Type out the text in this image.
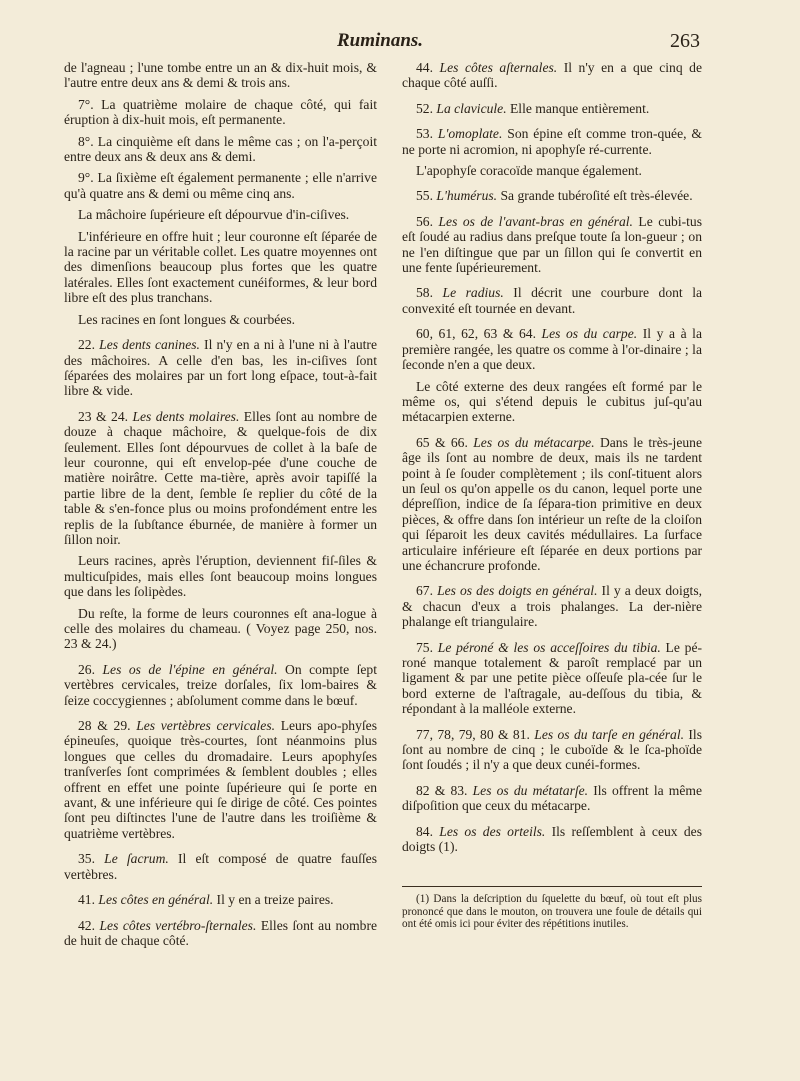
Ruminans.	263

de l'agneau ; l'une tombe entre un an & dix-huit mois, & l'autre entre deux ans & demi & trois ans.

7°. La quatrième molaire de chaque côté, qui fait éruption à dix-huit mois, eſt permanente.

8°. La cinquième eſt dans le même cas ; on l'a-perçoit entre deux ans & deux ans & demi.

9°. La ſixième eſt également permanente ; elle n'arrive qu'à quatre ans & demi ou même cinq ans.

La mâchoire ſupérieure eſt dépourvue d'in-ciſives.

L'inférieure en offre huit ; leur couronne eſt ſéparée de la racine par un véritable collet. Les quatre moyennes ont des dimenſions beaucoup plus fortes que les quatre latérales. Elles ſont exactement cunéiformes, & leur bord libre eſt des plus tranchans.

Les racines en ſont longues & courbées.

22. Les dents canines. Il n'y en a ni à l'une ni à l'autre des mâchoires. A celle d'en bas, les in-ciſives ſont ſéparées des molaires par un fort long eſpace, tout-à-fait libre & vide.

23 & 24. Les dents molaires. Elles ſont au nombre de douze à chaque mâchoire, & quelque-fois de dix ſeulement. Elles ſont dépourvues de collet à la baſe de leur couronne, qui eſt envelop-pée d'une couche de matière noirâtre. Cette ma-tière, après avoir tapiſſé la partie libre de la dent, ſemble ſe replier du côté de la table & s'en-fonce plus ou moins profondément entre les replis de la ſubſtance éburnée, de manière à former un ſillon noir.

Leurs racines, après l'éruption, deviennent fiſ-ſiles & multicuſpides, mais elles ſont beaucoup moins longues que dans les ſolipèdes.

Du reſte, la forme de leurs couronnes eſt ana-logue à celle des molaires du chameau. ( Voyez page 250, nos. 23 & 24.)

26. Les os de l'épine en général. On compte ſept vertèbres cervicales, treize dorſales, ſix lom-baires & ſeize coccygiennes ; abſolument comme dans le bœuf.

28 & 29. Les vertèbres cervicales. Leurs apo-phyſes épineuſes, quoique très-courtes, ſont néanmoins plus longues que celles du dromadaire. Leurs apophyſes tranſverſes ſont comprimées & ſemblent doubles ; elles offrent en effet une pointe ſupérieure qui ſe porte en avant, & une inférieure qui ſe dirige de côté. Ces pointes ſont peu diſtinctes l'une de l'autre dans les troiſième & quatrième vertèbres.

35. Le ſacrum. Il eſt composé de quatre fauſſes vertèbres.

41. Les côtes en général. Il y en a treize paires.

42. Les côtes vertébro-ſternales. Elles ſont au nombre de huit de chaque côté.

44. Les côtes aſternales. Il n'y en a que cinq de chaque côté auſſi.

52. La clavicule. Elle manque entièrement.

53. L'omoplate. Son épine eſt comme tron-quée, & ne porte ni acromion, ni apophyſe ré-currente.

L'apophyſe coracoïde manque également.

55. L'humérus. Sa grande tubéroſité eſt très-élevée.

56. Les os de l'avant-bras en général. Le cubi-tus eſt ſoudé au radius dans preſque toute ſa lon-gueur ; on ne l'en diſtingue que par un ſillon qui ſe convertit en une fente ſupérieurement.

58. Le radius. Il décrit une courbure dont la convexité eſt tournée en devant.

60, 61, 62, 63 & 64. Les os du carpe. Il y a à la première rangée, les quatre os comme à l'or-dinaire ; la ſeconde n'en a que deux.

Le côté externe des deux rangées eſt formé par le même os, qui s'étend depuis le cubitus juſ-qu'au métacarpien externe.

65 & 66. Les os du métacarpe. Dans le très-jeune âge ils ſont au nombre de deux, mais ils ne tardent point à ſe ſouder complètement ; ils conſ-tituent alors un ſeul os qu'on appelle os du canon, lequel porte une dépreſſion, indice de ſa ſépara-tion primitive en deux pièces, & offre dans ſon intérieur un reſte de la cloiſon qui ſéparoit les deux cavités médullaires. La ſurface articulaire inférieure eſt ſéparée en deux portions par une échancrure profonde.

67. Les os des doigts en général. Il y a deux doigts, & chacun d'eux a trois phalanges. La der-nière phalange eſt triangulaire.

75. Le péroné & les os acceſſoires du tibia. Le pé-roné manque totalement & paroît remplacé par un ligament & par une petite pièce oſſeuſe pla-cée ſur le bord externe de l'aſtragale, au-deſſous du tibia, & répondant à la malléole externe.

77, 78, 79, 80 & 81. Les os du tarſe en général. Ils ſont au nombre de cinq ; le cuboïde & le ſca-phoïde ſont ſoudés ; il n'y a que deux cunéi-formes.

82 & 83. Les os du métatarſe. Ils offrent la même diſpoſition que ceux du métacarpe.

84. Les os des orteils. Ils reſſemblent à ceux des doigts (1).

(1) Dans la deſcription du ſquelette du bœuf, où tout eſt plus prononcé que dans le mouton, on trouvera une foule de détails qui ont été omis ici pour éviter des répétitions inutiles.
